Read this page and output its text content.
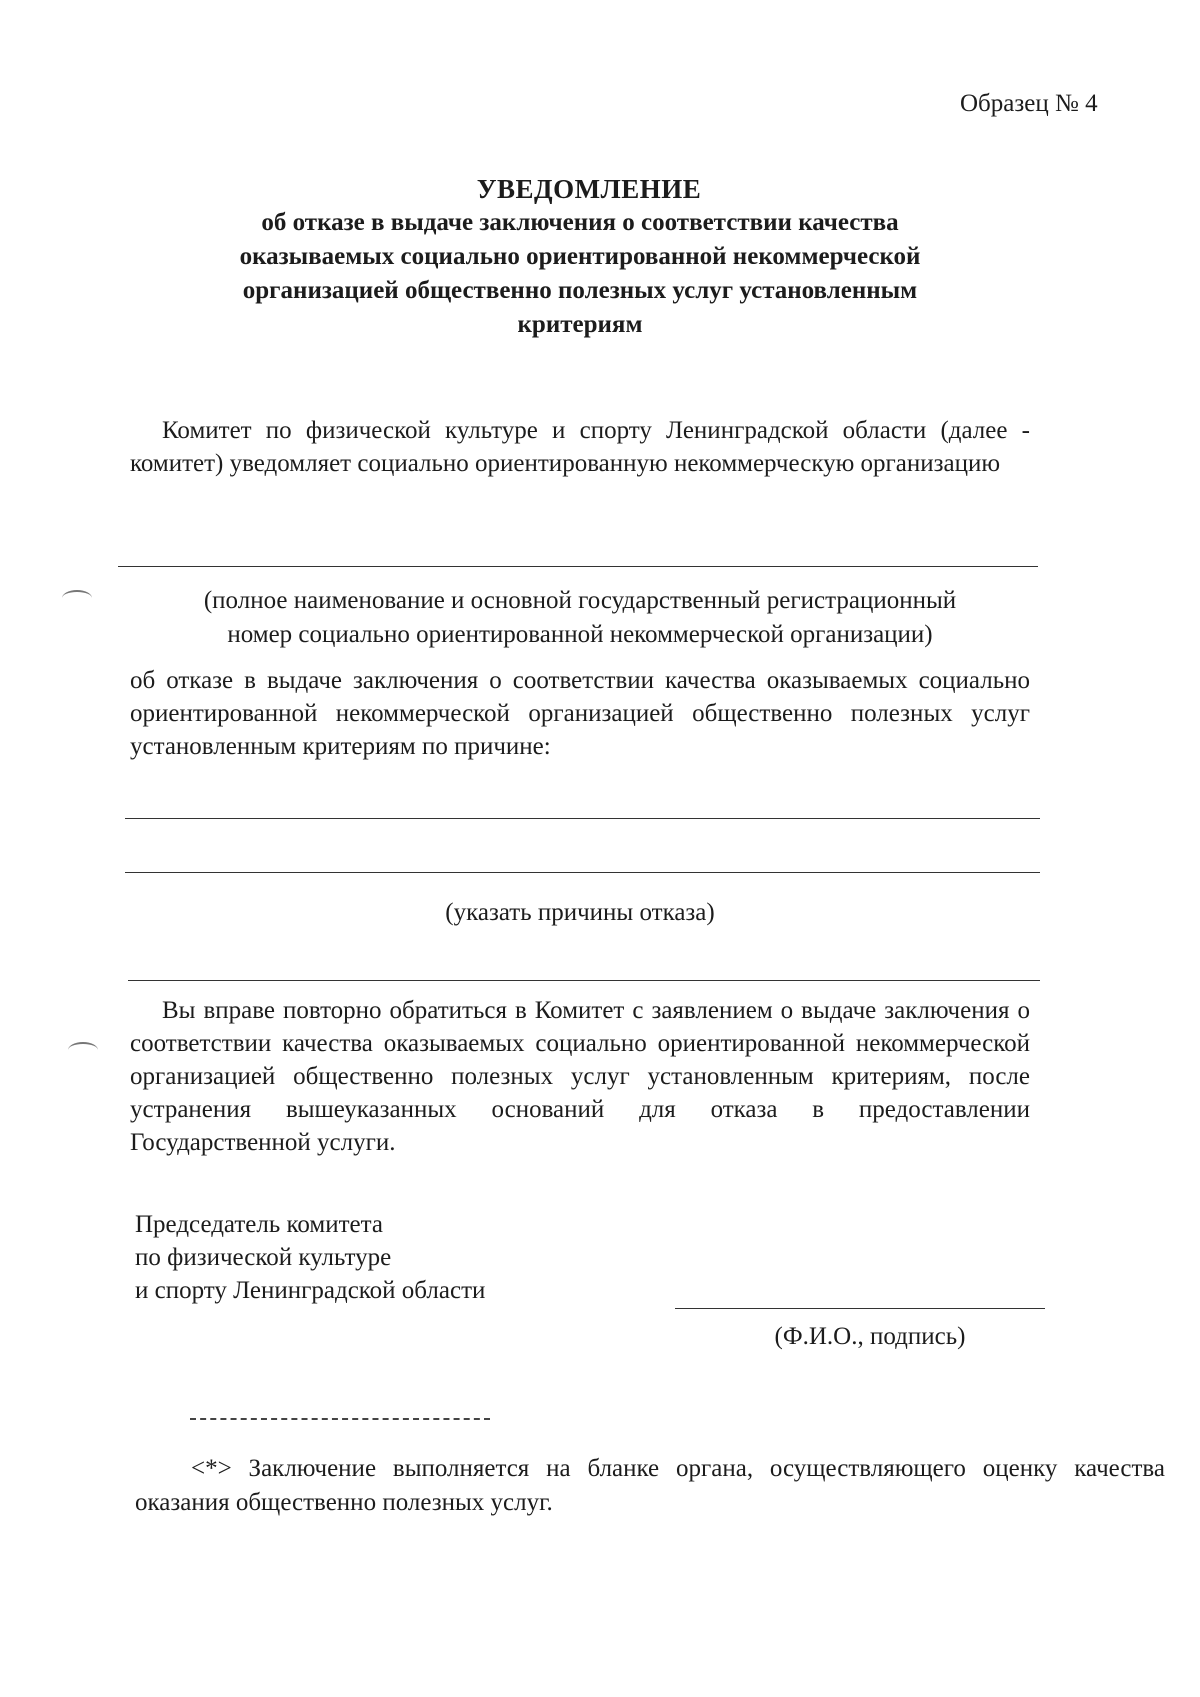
Образец № 4
УВЕДОМЛЕНИЕ
об отказе в выдаче заключения о соответствии качества
оказываемых социально ориентированной некоммерческой
организацией общественно полезных услуг установленным
критериям
Комитет по физической культуре и спорту Ленинградской области (далее - комитет) уведомляет социально ориентированную некоммерческую организацию
(полное наименование и основной государственный регистрационный
номер социально ориентированной некоммерческой организации)
об отказе в выдаче заключения о соответствии качества оказываемых социально ориентированной некоммерческой организацией общественно полезных услуг установленным критериям по причине:
(указать причины отказа)
Вы вправе повторно обратиться в Комитет с заявлением о выдаче заключения о соответствии качества оказываемых социально ориентированной некоммерческой организацией общественно полезных услуг установленным критериям, после устранения вышеуказанных оснований для отказа в предоставлении Государственной услуги.
Председатель комитета
по физической культуре
и спорту Ленинградской области
(Ф.И.О., подпись)
<*> Заключение выполняется на бланке органа, осуществляющего оценку качества оказания общественно полезных услуг.
